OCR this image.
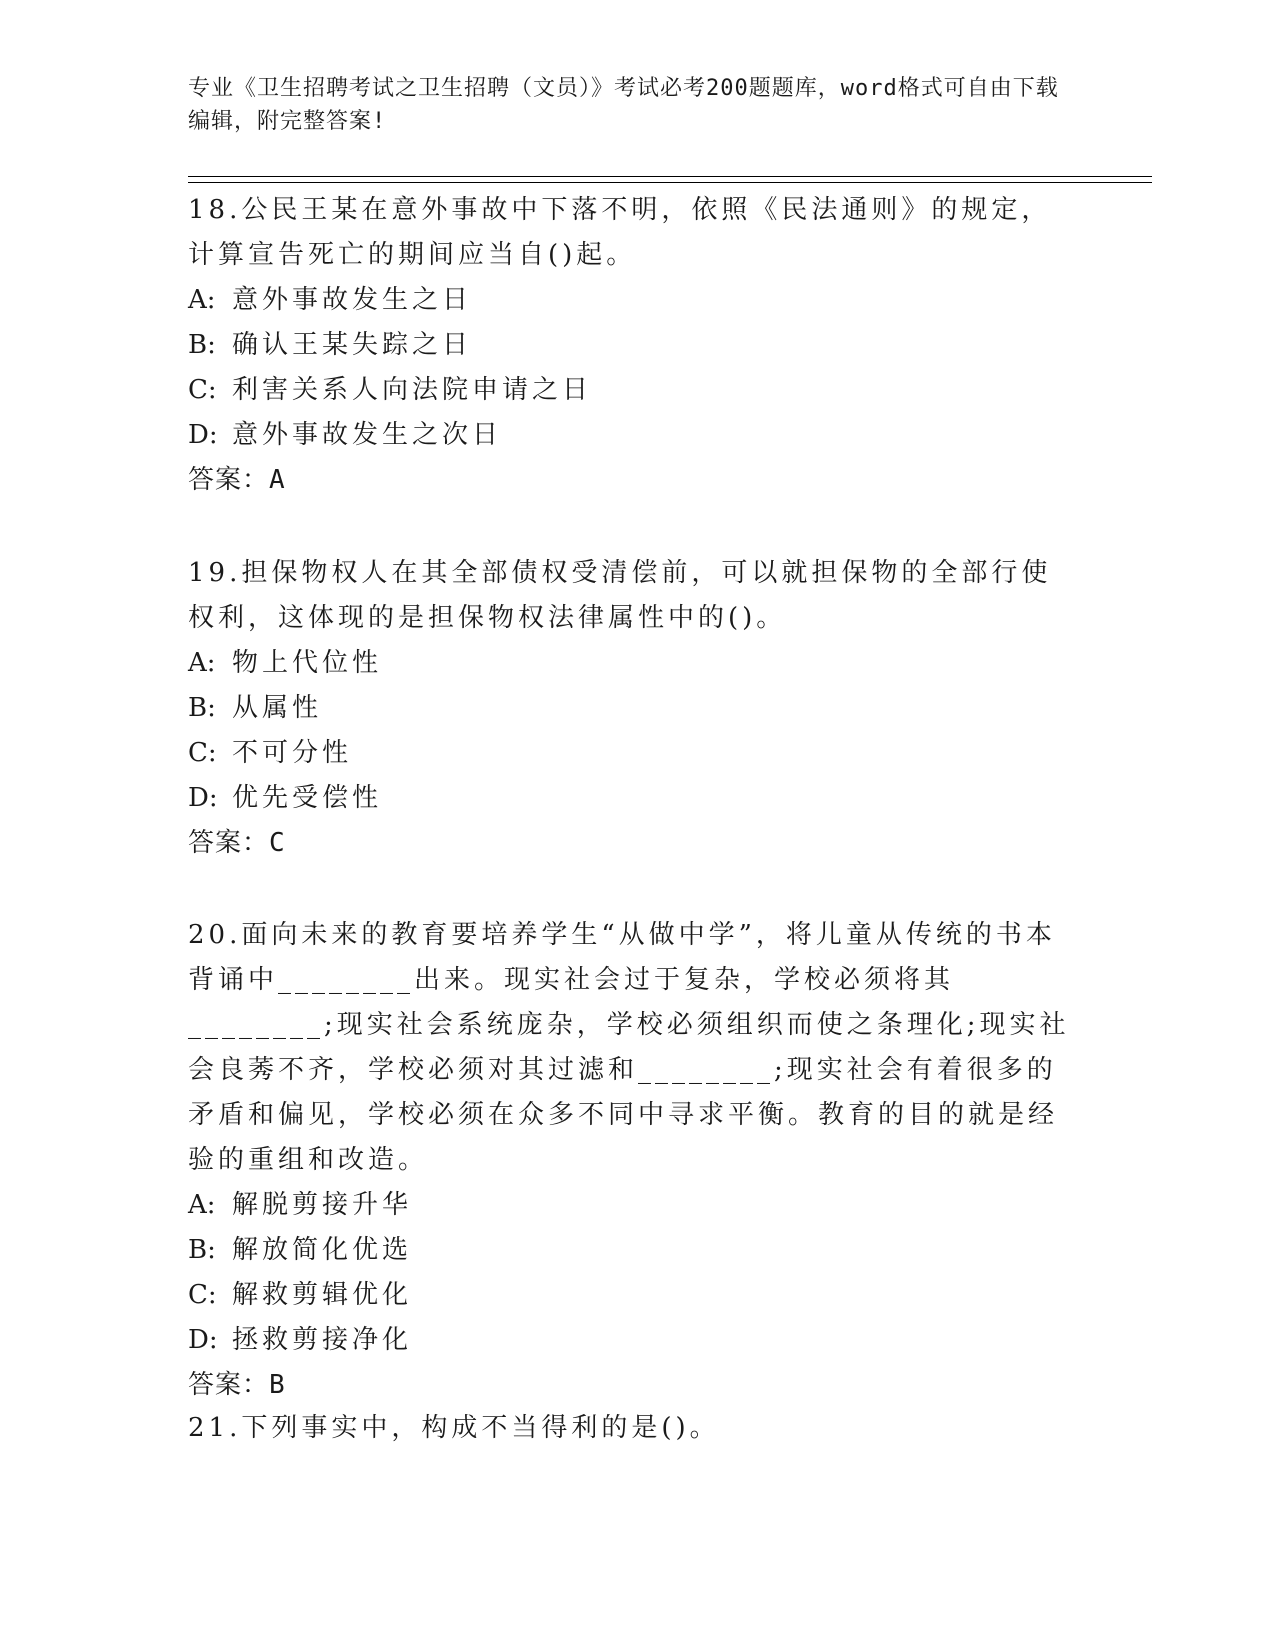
专业《卫生招聘考试之卫生招聘（文员）》考试必考200题题库，word格式可自由下载编辑，附完整答案!
18.公民王某在意外事故中下落不明，依照《民法通则》的规定，计算宣告死亡的期间应当自()起。
A: 意外事故发生之日
B: 确认王某失踪之日
C: 利害关系人向法院申请之日
D: 意外事故发生之次日
答案：A
19.担保物权人在其全部债权受清偿前，可以就担保物的全部行使权利，这体现的是担保物权法律属性中的()。
A: 物上代位性
B: 从属性
C: 不可分性
D: 优先受偿性
答案：C
20.面向未来的教育要培养学生“从做中学”，将儿童从传统的书本背诵中________出来。现实社会过于复杂，学校必须将其________;现实社会系统庞杂，学校必须组织而使之条理化;现实社会良莠不齐，学校必须对其过滤和________;现实社会有着很多的矛盾和偏见，学校必须在众多不同中寻求平衡。教育的目的就是经验的重组和改造。
A: 解脱剪接升华
B: 解放简化优选
C: 解救剪辑优化
D: 拯救剪接净化
答案：B
21.下列事实中，构成不当得利的是()。
